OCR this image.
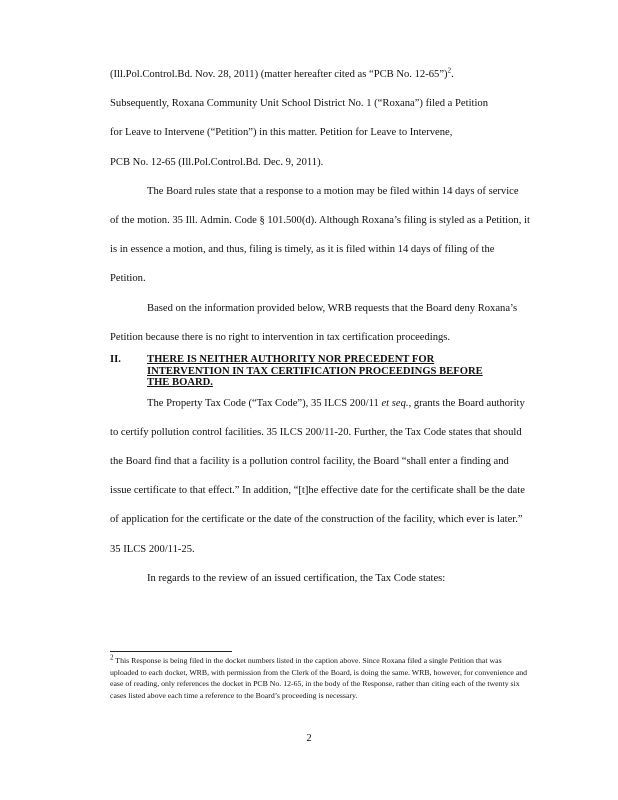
(Ill.Pol.Control.Bd. Nov. 28, 2011) (matter hereafter cited as “PCB No. 12-65”)$^2$.
Subsequently, Roxana Community Unit School District No. 1 (“Roxana”) filed a Petition
for Leave to Intervene (“Petition”) in this matter. Petition for Leave to Intervene,
PCB No. 12-65 (Ill.Pol.Control.Bd. Dec. 9, 2011).

The Board rules state that a response to a motion may be filed within 14 days of service of the motion. 35 Ill. Admin. Code § 101.500(d). Although Roxana’s filing is styled as a Petition, it is in essence a motion, and thus, filing is timely, as it is filed within 14 days of filing of the Petition.

Based on the information provided below, WRB requests that the Board deny Roxana’s Petition because there is no right to intervention in tax certification proceedings.

II.	THERE IS NEITHER AUTHORITY NOR PRECEDENT FOR INTERVENTION IN TAX CERTIFICATION PROCEEDINGS BEFORE THE BOARD.

The Property Tax Code (“Tax Code”), 35 ILCS 200/11 et seq., grants the Board authority to certify pollution control facilities. 35 ILCS 200/11-20. Further, the Tax Code states that should the Board find that a facility is a pollution control facility, the Board “shall enter a finding and issue certificate to that effect.” In addition, “[t]he effective date for the certificate shall be the date of application for the certificate or the date of the construction of the facility, which ever is later.” 35 ILCS 200/11-25.

In regards to the review of an issued certification, the Tax Code states:

$^2$ This Response is being filed in the docket numbers listed in the caption above. Since Roxana filed a single Petition that was uploaded to each docket, WRB, with permission from the Clerk of the Board, is doing the same. WRB, however, for convenience and ease of reading, only references the docket in PCB No. 12-65, in the body of the Response, rather than citing each of the twenty six cases listed above each time a reference to the Board’s proceeding is necessary.
2
